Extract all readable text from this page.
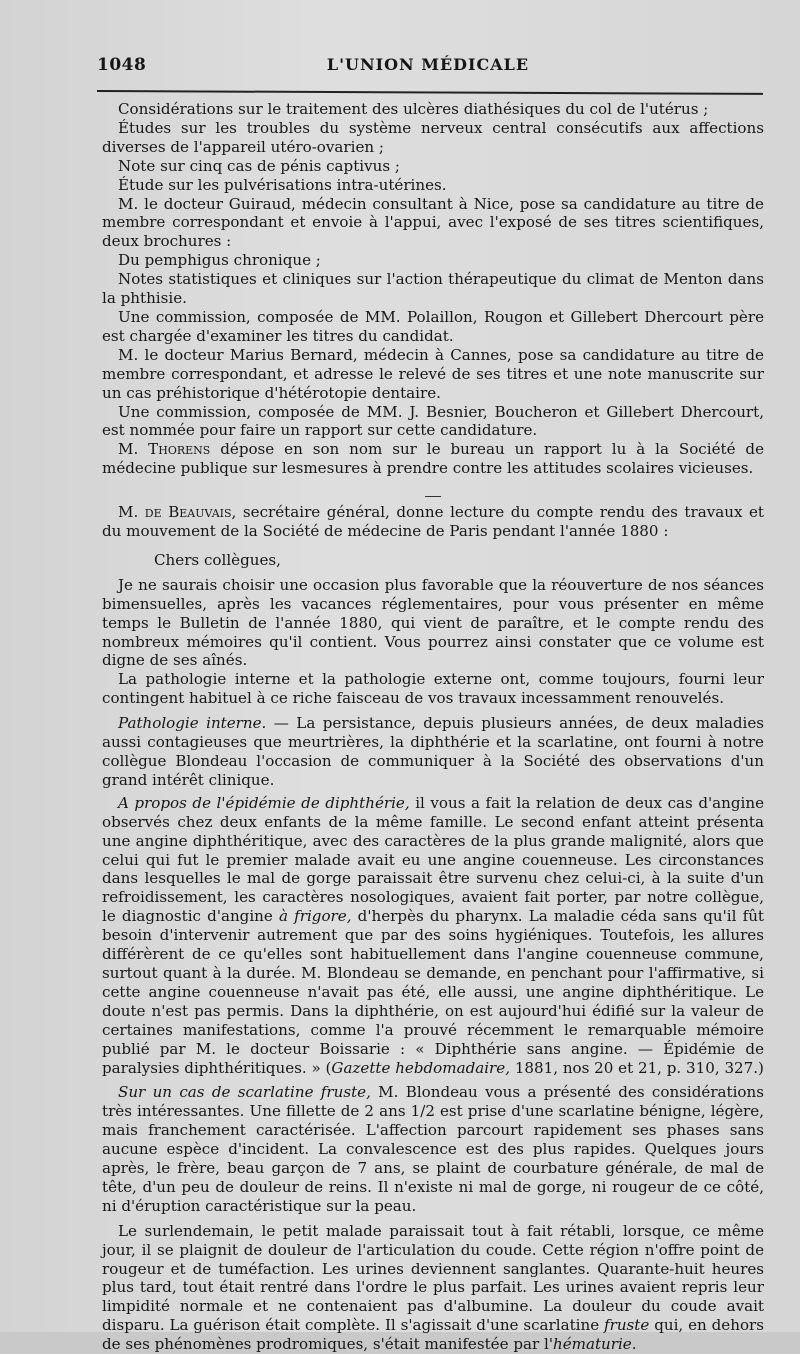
1048	L'UNION MÉDICALE

Considérations sur le traitement des ulcères diathésiques du col de l'utérus ;

Études sur les troubles du système nerveux central consécutifs aux affections diverses de l'appareil utéro-ovarien ;

Note sur cinq cas de pénis captivus ;

Étude sur les pulvérisations intra-utérines.

M. le docteur Guiraud, médecin consultant à Nice, pose sa candidature au titre de membre correspondant et envoie à l'appui, avec l'exposé de ses titres scientifiques, deux brochures :

Du pemphigus chronique ;

Notes statistiques et cliniques sur l'action thérapeutique du climat de Menton dans la phthisie.

Une commission, composée de MM. Polaillon, Rougon et Gillebert Dhercourt père est chargée d'examiner les titres du candidat.

M. le docteur Marius Bernard, médecin à Cannes, pose sa candidature au titre de membre correspondant, et adresse le relevé de ses titres et une note manuscrite sur un cas préhistorique d'hétérotopie dentaire.

Une commission, composée de MM. J. Besnier, Boucheron et Gillebert Dhercourt, est nommée pour faire un rapport sur cette candidature.

M. Thorens dépose en son nom sur le bureau un rapport lu à la Société de médecine publique sur lesmesures à prendre contre les attitudes scolaires vicieuses.

M. de Beauvais, secrétaire général, donne lecture du compte rendu des travaux et du mouvement de la Société de médecine de Paris pendant l'année 1880 :

Chers collègues,

Je ne saurais choisir une occasion plus favorable que la réouverture de nos séances bimensuelles, après les vacances réglementaires, pour vous présenter en même temps le Bulletin de l'année 1880, qui vient de paraître, et le compte rendu des nombreux mémoires qu'il contient. Vous pourrez ainsi constater que ce volume est digne de ses aînés.

La pathologie interne et la pathologie externe ont, comme toujours, fourni leur contingent habituel à ce riche faisceau de vos travaux incessamment renouvelés.

Pathologie interne. — La persistance, depuis plusieurs années, de deux maladies aussi contagieuses que meurtrières, la diphthérie et la scarlatine, ont fourni à notre collègue Blondeau l'occasion de communiquer à la Société des observations d'un grand intérêt clinique.

A propos de l'épidémie de diphthérie, il vous a fait la relation de deux cas d'angine observés chez deux enfants de la même famille. Le second enfant atteint présenta une angine diphthéritique, avec des caractères de la plus grande malignité, alors que celui qui fut le premier malade avait eu une angine couenneuse. Les circonstances dans lesquelles le mal de gorge paraissait être survenu chez celui-ci, à la suite d'un refroidissement, les caractères nosologiques, avaient fait porter, par notre collègue, le diagnostic d'angine à frigore, d'herpès du pharynx. La maladie céda sans qu'il fût besoin d'intervenir autrement que par des soins hygiéniques. Toutefois, les allures différèrent de ce qu'elles sont habituellement dans l'angine couenneuse commune, surtout quant à la durée. M. Blondeau se demande, en penchant pour l'affirmative, si cette angine couenneuse n'avait pas été, elle aussi, une angine diphthéritique. Le doute n'est pas permis. Dans la diphthérie, on est aujourd'hui édifié sur la valeur de certaines manifestations, comme l'a prouvé récemment le remarquable mémoire publié par M. le docteur Boissarie : « Diphthérie sans angine. — Épidémie de paralysies diphthéritiques. » (Gazette hebdomadaire, 1881, nos 20 et 21, p. 310, 327.)

Sur un cas de scarlatine fruste, M. Blondeau vous a présenté des considérations très intéressantes. Une fillette de 2 ans 1/2 est prise d'une scarlatine bénigne, légère, mais franchement caractérisée. L'affection parcourt rapidement ses phases sans aucune espèce d'incident. La convalescence est des plus rapides. Quelques jours après, le frère, beau garçon de 7 ans, se plaint de courbature générale, de mal de tête, d'un peu de douleur de reins. Il n'existe ni mal de gorge, ni rougeur de ce côté, ni d'éruption caractéristique sur la peau.

Le surlendemain, le petit malade paraissait tout à fait rétabli, lorsque, ce même jour, il se plaignit de douleur de l'articulation du coude. Cette région n'offre point de rougeur et de tuméfaction. Les urines deviennent sanglantes. Quarante-huit heures plus tard, tout était rentré dans l'ordre le plus parfait. Les urines avaient repris leur limpidité normale et ne contenaient pas d'albumine. La douleur du coude avait disparu. La guérison était complète. Il s'agissait d'une scarlatine fruste qui, en dehors de ses phénomènes prodromiques, s'était manifestée par l'hématurie.
